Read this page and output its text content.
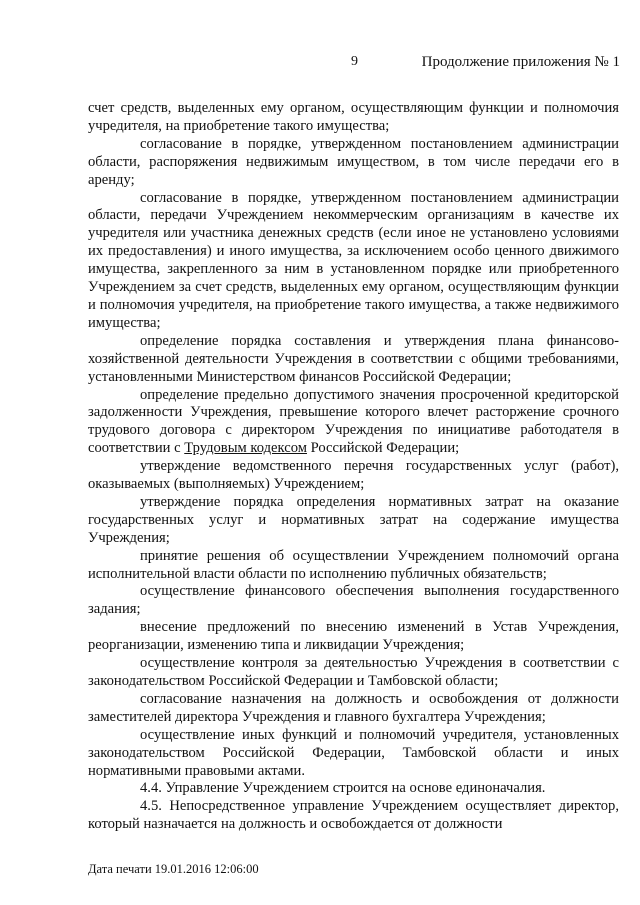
9	Продолжение приложения № 1

счет средств, выделенных ему органом, осуществляющим функции и полномочия учредителя, на приобретение такого имущества;

согласование в порядке, утвержденном постановлением администрации области, распоряжения недвижимым имуществом, в том числе передачи его в аренду;

согласование в порядке, утвержденном постановлением администрации области, передачи Учреждением некоммерческим организациям в качестве их учредителя или участника денежных средств (если иное не установлено условиями их предоставления) и иного имущества, за исключением особо ценного движимого имущества, закрепленного за ним в установленном порядке или приобретенного Учреждением за счет средств, выделенных ему органом, осуществляющим функции и полномочия учредителя, на приобретение такого имущества, а также недвижимого имущества;

определение порядка составления и утверждения плана финансово-хозяйственной деятельности Учреждения в соответствии с общими требованиями, установленными Министерством финансов Российской Федерации;

определение предельно допустимого значения просроченной кредиторской задолженности Учреждения, превышение которого влечет расторжение срочного трудового договора с директором Учреждения по инициативе работодателя в соответствии с Трудовым кодексом Российской Федерации;

утверждение ведомственного перечня государственных услуг (работ), оказываемых (выполняемых) Учреждением;

утверждение порядка определения нормативных затрат на оказание государственных услуг и нормативных затрат на содержание имущества Учреждения;

принятие решения об осуществлении Учреждением полномочий органа исполнительной власти области по исполнению публичных обязательств;

осуществление финансового обеспечения выполнения государственного задания;

внесение предложений по внесению изменений в Устав Учреждения, реорганизации, изменению типа и ликвидации Учреждения;

осуществление контроля за деятельностью Учреждения в соответствии с законодательством Российской Федерации и Тамбовской области;

согласование назначения на должность и освобождения от должности заместителей директора Учреждения и главного бухгалтера Учреждения;

осуществление иных функций и полномочий учредителя, установленных законодательством Российской Федерации, Тамбовской области и иных нормативными правовыми актами.

4.4. Управление Учреждением строится на основе единоначалия.

4.5. Непосредственное управление Учреждением осуществляет директор, который назначается на должность и освобождается от должности

Дата печати 19.01.2016 12:06:00
